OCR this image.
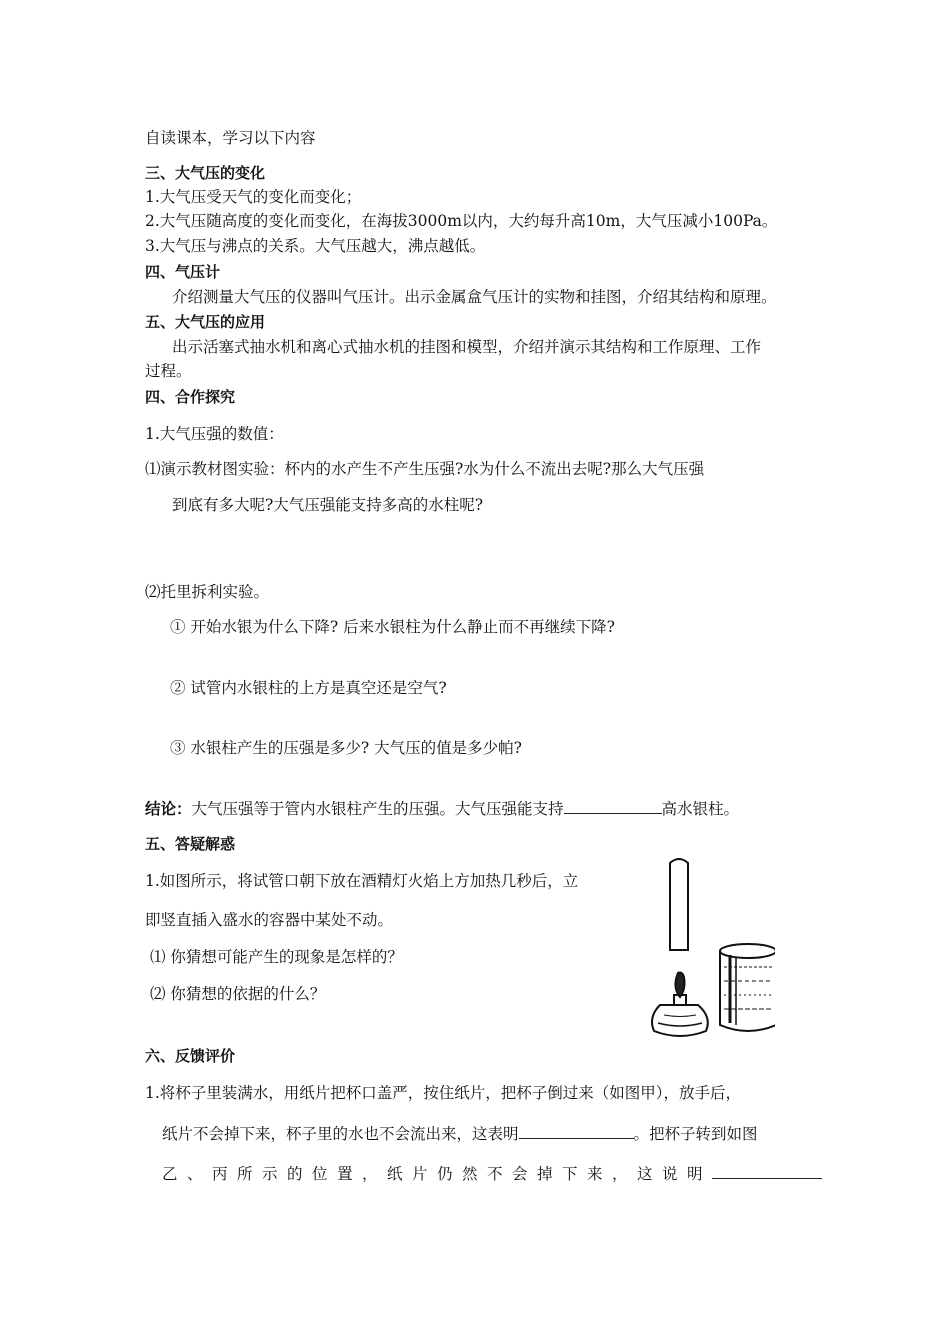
自读课本，学习以下内容
三、大气压的变化
1.大气压受天气的变化而变化；
2.大气压随高度的变化而变化，在海拔3000m以内，大约每升高10m，大气压减小100Pa。
3.大气压与沸点的关系。大气压越大，沸点越低。
四、气压计
介绍测量大气压的仪器叫气压计。出示金属盒气压计的实物和挂图，介绍其结构和原理。
五、大气压的应用
出示活塞式抽水机和离心式抽水机的挂图和模型，介绍并演示其结构和工作原理、工作
过程。
四、合作探究
1.大气压强的数值：
⑴演示教材图实验：杯内的水产生不产生压强?水为什么不流出去呢?那么大气压强
到底有多大呢?大气压强能支持多高的水柱呢?
⑵托里拆利实验。
① 开始水银为什么下降? 后来水银柱为什么静止而不再继续下降?
② 试管内水银柱的上方是真空还是空气?
③ 水银柱产生的压强是多少? 大气压的值是多少帕?
结论：大气压强等于管内水银柱产生的压强。大气压强能支持	高水银柱。
五、答疑解惑
1.如图所示，将试管口朝下放在酒精灯火焰上方加热几秒后，立
即竖直插入盛水的容器中某处不动。
⑴ 你猜想可能产生的现象是怎样的？
⑵ 你猜想的依据的什么？
六、反馈评价
1.将杯子里装满水，用纸片把杯口盖严，按住纸片，把杯子倒过来（如图甲），放手后，
纸片不会掉下来，杯子里的水也不会流出来，这表明	。把杯子转到如图
乙、丙所示的位置，纸片仍然不会掉下来，这说明
